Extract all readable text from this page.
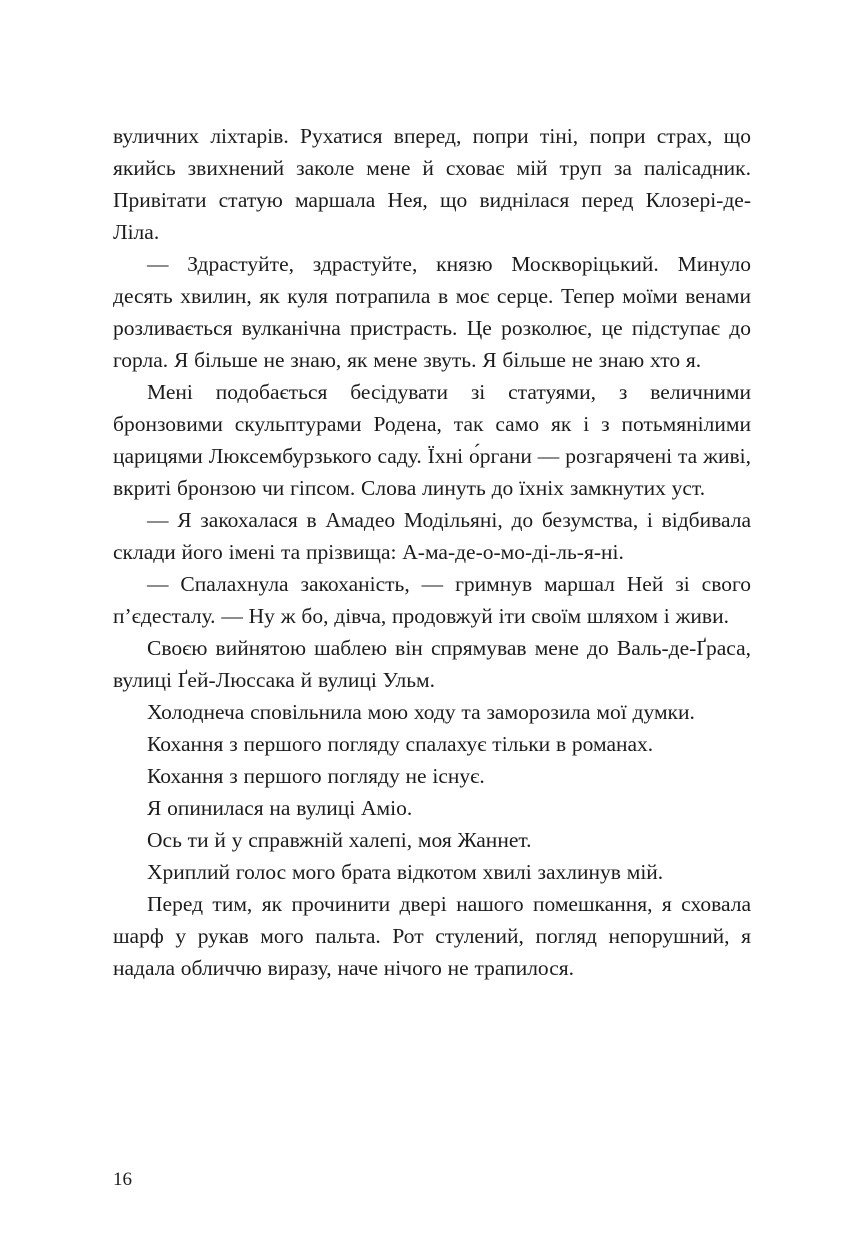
вуличних ліхтарів. Рухатися вперед, попри тіні, попри страх, що якийсь звихнений заколе мене й сховає мій труп за палісадник. Привітати статую маршала Нея, що виднілася перед Клозері-де-Ліла.

— Здрастуйте, здрастуйте, князю Москворіцький. Минуло десять хвилин, як куля потрапила в моє серце. Тепер моїми венами розливається вулканічна пристрасть. Це розколює, це підступає до горла. Я більше не знаю, як мене звуть. Я більше не знаю хто я.

Мені подобається бесідувати зі статуями, з величними бронзовими скульптурами Родена, так само як і з потьмянілими царицями Люксембурзького саду. Їхні о́ргани — розгарячені та живі, вкриті бронзою чи гіпсом. Слова линуть до їхніх замкнутих уст.

— Я закохалася в Амадео Модільяні, до безумства, і відбивала склади його імені та прізвища: А-ма-де-о-мо-ді-ль-я-ні.

— Спалахнула закоханість, — гримнув маршал Ней зі свого п’єдесталу. — Ну ж бо, дівча, продовжуй іти своїм шляхом і живи.

Своєю вийнятою шаблею він спрямував мене до Валь-де-Ґраса, вулиці Ґей-Люссака й вулиці Ульм.

Холоднеча сповільнила мою ходу та заморозила мої думки.

Кохання з першого погляду спалахує тільки в романах.

Кохання з першого погляду не існує.

Я опинилася на вулиці Аміо.

Ось ти й у справжній халепі, моя Жаннет.

Хриплий голос мого брата відкотом хвилі захлинув мій.

Перед тим, як прочинити двері нашого помешкання, я сховала шарф у рукав мого пальта. Рот стулений, погляд непорушний, я надала обличчю виразу, наче нічого не трапилося.

16
